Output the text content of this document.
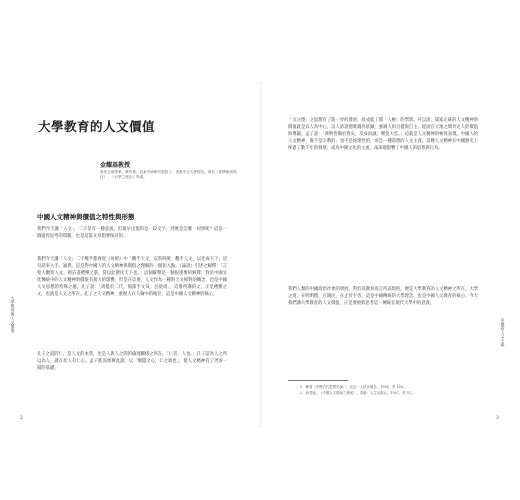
大學教育的人文價值
金耀基教授
曾任社會學系、教育系，以東中研研究院院士、香港中文大學校長。著有《從傳統到現代》、《大學之理念》等書。
中國人文精神與價值之特性與形態
我們今天講「人文」，二字是有一種意義，但最早出現的是一段文字，到底是怎麼一回事呢？這是一個值得思考的問題，也是這篇文章想要探討的。
我們今天講「人文」二字幾乎都會從《易經》中「觀乎天文，以察時變；觀乎人文，以化成天下」這句話來入手。誠然，這是對中國人的人文精神與價值之理解的一個切入點。《論語》引述之解釋：「言聖人觀察人文，則詩書禮樂之謂，當以此教化天下也。」這個解釋是一個很重要的解釋，對於中國文化傳統中的人文精神與價值有很大的影響，但是在這裏，人文作為一種與天文相對的概念，也是中國人文思想的特殊之處。孔子說：「周監於二代，郁郁乎文哉，吾從周。」這裏所講的文，正是禮樂之文，也就是人文之所在。孔子之人文精神，重視人在人倫中的地位，這是中國人文精神的核心。
孔子之道的仁，是人文的本質，也是人與人之間的倫理關係之所在。「仁者，人也。」孔子認為人之所以為人，就在於人有仁心。孟子進而發揮此說，以「惻隱之心，仁之端也」，使人文精神有了更深一層的基礎。
大學教育與人文價值
2
「文之德」之思想有了進一步的發展，故成就了儒「人極」的學問。可以說，儒家正統的人文精神與價值就是以人為中心，以人的道德實踐為依歸，強調人的自覺與自主，從而在天地之間肯定人的價值與尊嚴。孟子說：「萬物皆備於我矣，反身而誠，樂莫大焉。」這就是人文精神的極致表現。中國人的人文精神，既不是宗教的，也不是純理性的，而是一種道德的人文主義。這種人文精神在中國歷史上經過了數千年的發展，成為中國文化的主流，深深地影響了中國人的思想與行為。
我們人類的中國政治社會的發展，對於高教育而言所表現的，便是大學教育的人文精神之所在。大學之道，在明明德，在親民，在止於至善。這是中國傳統的大學理念，也是中國人文教育的核心。今天我們講大學教育的人文價值，正是要重新思考這一傳統在現代大學中的意義。
1　參看《中國古代思想史論》，北京：人民出版社，1985，頁 103。
2　唐君毅，《中國人文精神之發展》，香港：人生出版社，1957，頁 51。
中國的人文主義
3
